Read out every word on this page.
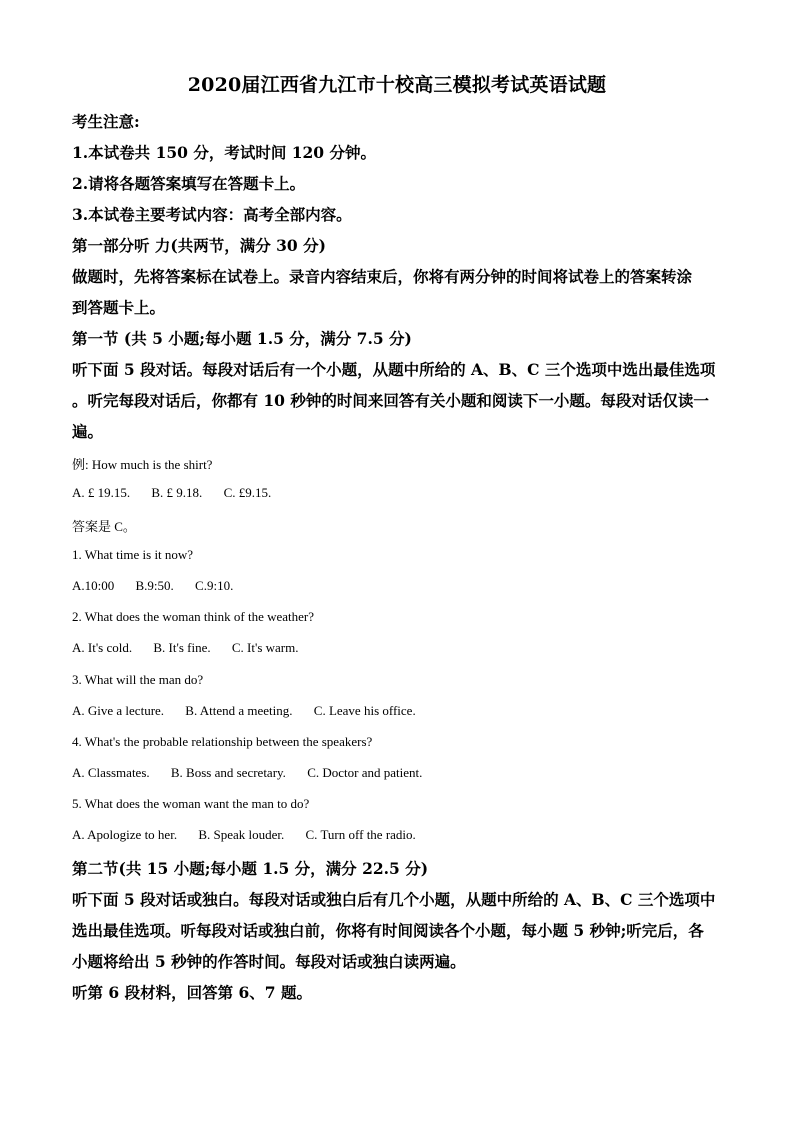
2020届江西省九江市十校高三模拟考试英语试题
考生注意:
1.本试卷共 150 分，考试时间 120 分钟。
2.请将各题答案填写在答题卡上。
3.本试卷主要考试内容：高考全部内容。
第一部分听 力(共两节，满分 30 分)
做题时，先将答案标在试卷上。录音内容结束后，你将有两分钟的时间将试卷上的答案转涂
到答题卡上。
第一节 (共 5 小题;每小题 1.5 分，满分 7.5 分)
听下面 5 段对话。每段对话后有一个小题，从题中所给的 A、B、C 三个选项中选出最佳选项
。听完每段对话后，你都有 10 秒钟的时间来回答有关小题和阅读下一小题。每段对话仅读一
遍。
例: How much is the shirt?
A. £ 19.15. B. £ 9.18. C. £9.15.
答案是 C。
1. What time is it now?
A.10:00 B.9:50. C.9:10.
2. What does the woman think of the weather?
A. It's cold. B. It's fine. C. It's warm.
3. What will the man do?
A. Give a lecture. B. Attend a meeting. C. Leave his office.
4. What's the probable relationship between the speakers?
A. Classmates. B. Boss and secretary. C. Doctor and patient.
5. What does the woman want the man to do?
A. Apologize to her. B. Speak louder. C. Turn off the radio.
第二节(共 15 小题;每小题 1.5 分，满分 22.5 分)
听下面 5 段对话或独白。每段对话或独白后有几个小题，从题中所给的 A、B、C 三个选项中
选出最佳选项。听每段对话或独白前，你将有时间阅读各个小题，每小题 5 秒钟;听完后，各
小题将给出 5 秒钟的作答时间。每段对话或独白读两遍。
听第 6 段材料，回答第 6、7 题。
